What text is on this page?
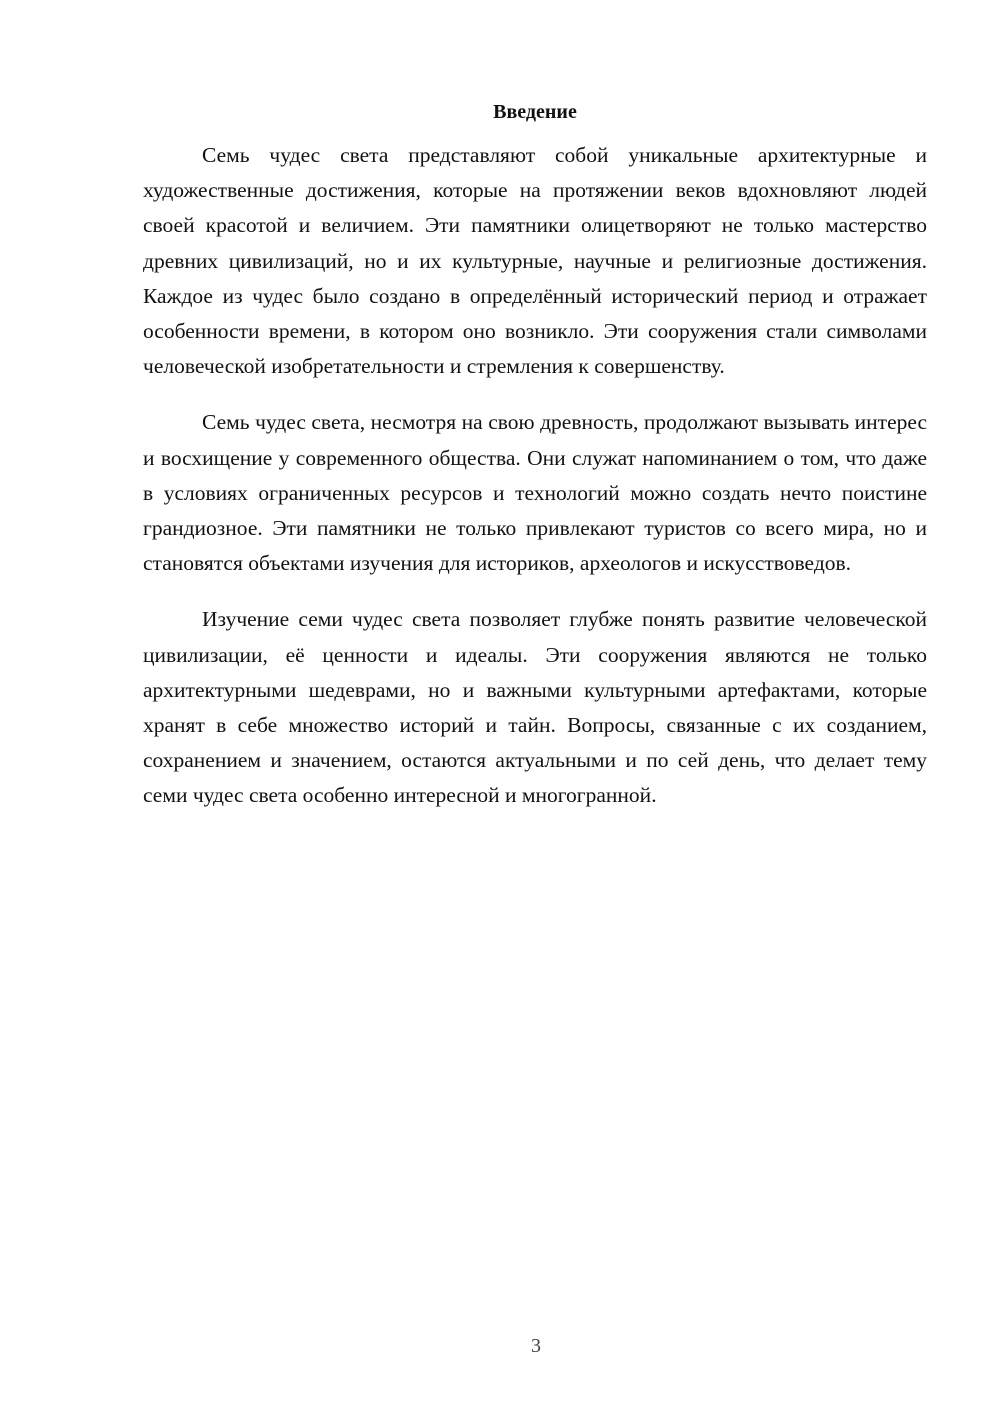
Введение

Семь чудес света представляют собой уникальные архитектурные и художественные достижения, которые на протяжении веков вдохновляют людей своей красотой и величием. Эти памятники олицетворяют не только мастерство древних цивилизаций, но и их культурные, научные и религиозные достижения. Каждое из чудес было создано в определённый исторический период и отражает особенности времени, в котором оно возникло. Эти сооружения стали символами человеческой изобретательности и стремления к совершенству.

Семь чудес света, несмотря на свою древность, продолжают вызывать интерес и восхищение у современного общества. Они служат напоминанием о том, что даже в условиях ограниченных ресурсов и технологий можно создать нечто поистине грандиозное. Эти памятники не только привлекают туристов со всего мира, но и становятся объектами изучения для историков, археологов и искусствоведов.

Изучение семи чудес света позволяет глубже понять развитие человеческой цивилизации, её ценности и идеалы. Эти сооружения являются не только архитектурными шедеврами, но и важными культурными артефактами, которые хранят в себе множество историй и тайн. Вопросы, связанные с их созданием, сохранением и значением, остаются актуальными и по сей день, что делает тему семи чудес света особенно интересной и многогранной.

3
